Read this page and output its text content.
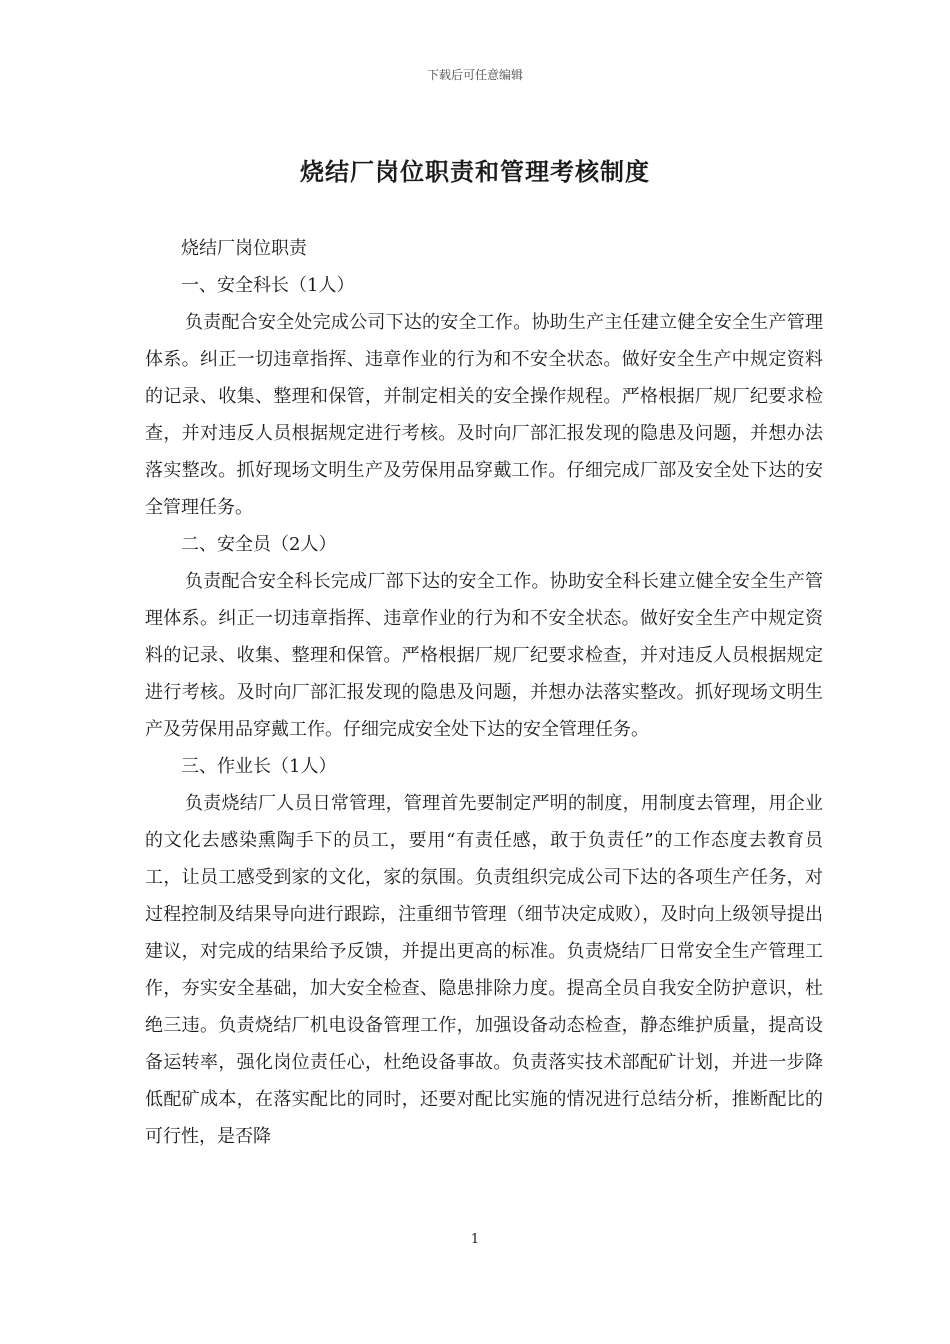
下载后可任意编辑
烧结厂岗位职责和管理考核制度

烧结厂岗位职责

一、安全科长（1人）

负责配合安全处完成公司下达的安全工作。协助生产主任建立健全安全生产管理体系。纠正一切违章指挥、违章作业的行为和不安全状态。做好安全生产中规定资料的记录、收集、整理和保管，并制定相关的安全操作规程。严格根据厂规厂纪要求检查，并对违反人员根据规定进行考核。及时向厂部汇报发现的隐患及问题，并想办法落实整改。抓好现场文明生产及劳保用品穿戴工作。仔细完成厂部及安全处下达的安全管理任务。

二、安全员（2人）

负责配合安全科长完成厂部下达的安全工作。协助安全科长建立健全安全生产管理体系。纠正一切违章指挥、违章作业的行为和不安全状态。做好安全生产中规定资料的记录、收集、整理和保管。严格根据厂规厂纪要求检查，并对违反人员根据规定进行考核。及时向厂部汇报发现的隐患及问题，并想办法落实整改。抓好现场文明生产及劳保用品穿戴工作。仔细完成安全处下达的安全管理任务。

三、作业长（1人）

负责烧结厂人员日常管理，管理首先要制定严明的制度，用制度去管理，用企业的文化去感染熏陶手下的员工，要用“有责任感，敢于负责任”的工作态度去教育员工，让员工感受到家的文化，家的氛围。负责组织完成公司下达的各项生产任务，对过程控制及结果导向进行跟踪，注重细节管理（细节决定成败），及时向上级领导提出建议，对完成的结果给予反馈，并提出更高的标准。负责烧结厂日常安全生产管理工作，夯实安全基础，加大安全检查、隐患排除力度。提高全员自我安全防护意识，杜绝三违。负责烧结厂机电设备管理工作，加强设备动态检查，静态维护质量，提高设备运转率，强化岗位责任心，杜绝设备事故。负责落实技术部配矿计划，并进一步降低配矿成本，在落实配比的同时，还要对配比实施的情况进行总结分析，推断配比的可行性，是否降

1
